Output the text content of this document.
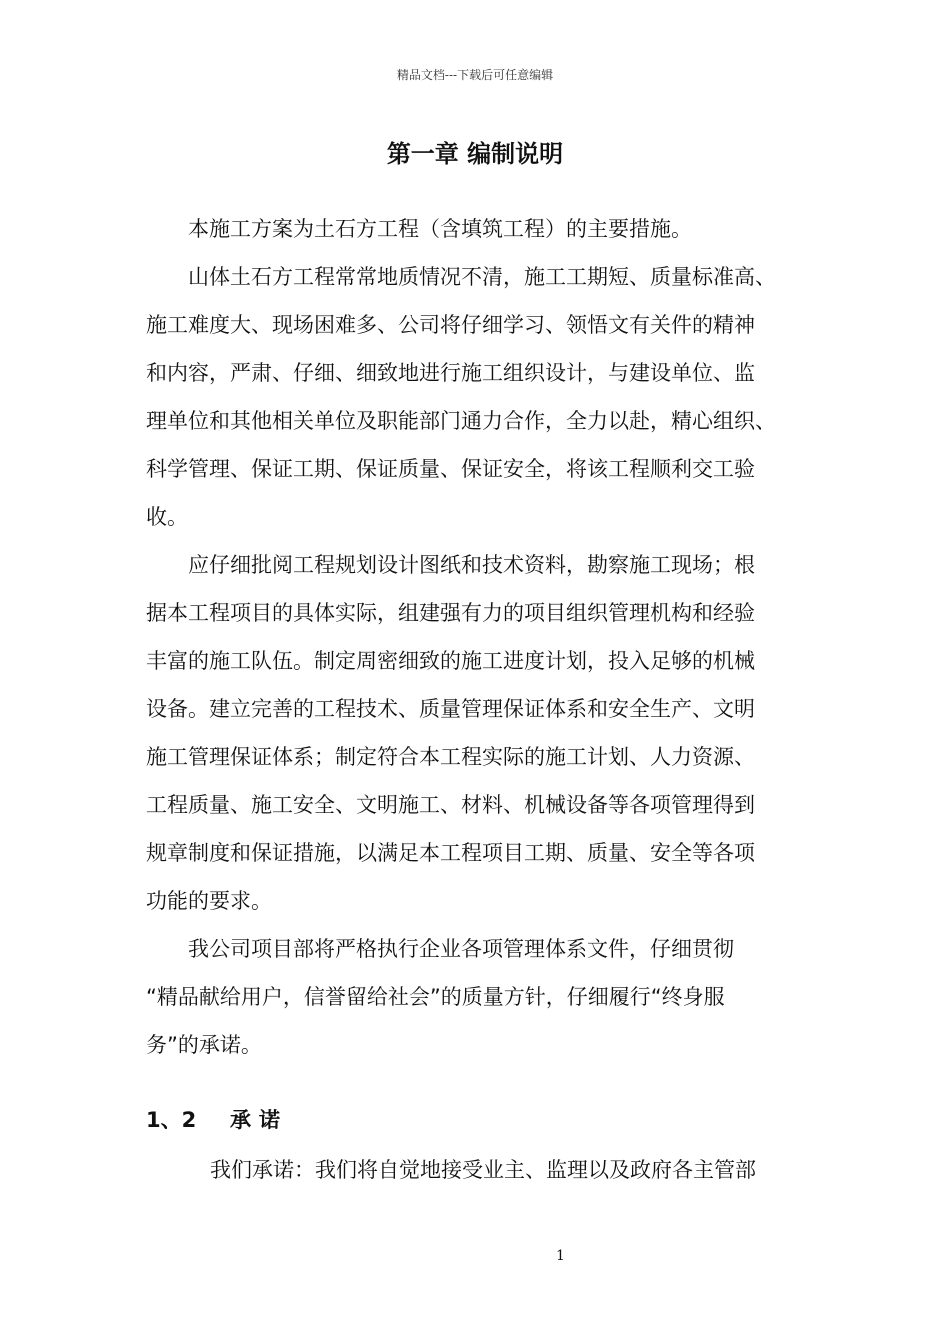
精品文档---下载后可任意编辑
第一章 编制说明

本施工方案为土石方工程（含填筑工程）的主要措施。

山体土石方工程常常地质情况不清，施工工期短、质量标准高、

施工难度大、现场困难多、公司将仔细学习、领悟文有关件的精神

和内容，严肃、仔细、细致地进行施工组织设计，与建设单位、监

理单位和其他相关单位及职能部门通力合作，全力以赴，精心组织、

科学管理、保证工期、保证质量、保证安全，将该工程顺利交工验

收。

应仔细批阅工程规划设计图纸和技术资料，勘察施工现场；根

据本工程项目的具体实际，组建强有力的项目组织管理机构和经验

丰富的施工队伍。制定周密细致的施工进度计划，投入足够的机械

设备。建立完善的工程技术、质量管理保证体系和安全生产、文明

施工管理保证体系；制定符合本工程实际的施工计划、人力资源、

工程质量、施工安全、文明施工、材料、机械设备等各项管理得到

规章制度和保证措施，以满足本工程项目工期、质量、安全等各项

功能的要求。

我公司项目部将严格执行企业各项管理体系文件，仔细贯彻

“精品献给用户，信誉留给社会”的质量方针，仔细履行“终身服

务”的承诺。

1、2 承诺

我们承诺：我们将自觉地接受业主、监理以及政府各主管部

1
